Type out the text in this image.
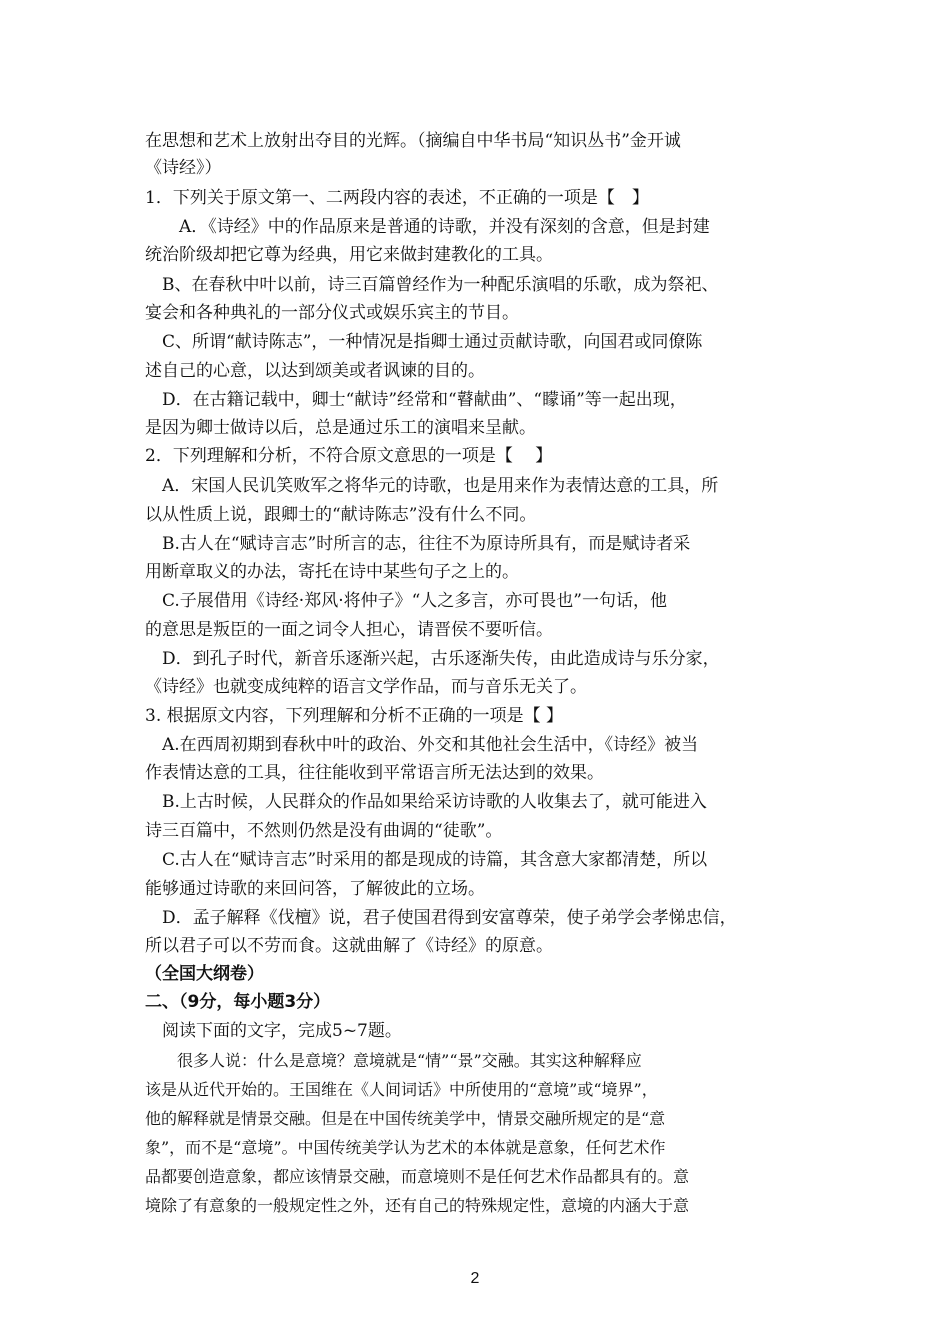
在思想和艺术上放射出夺目的光辉。（摘编自中华书局“知识丛书”金开诚
《诗经》）
1．下列关于原文第一、二两段内容的表述，不正确的一项是【　】
　　A．《诗经》中的作品原来是普通的诗歌，并没有深刻的含意，但是封建
统治阶级却把它尊为经典，用它来做封建教化的工具。
　B、在春秋中叶以前，诗三百篇曾经作为一种配乐演唱的乐歌，成为祭祀、
宴会和各种典礼的一部分仪式或娱乐宾主的节目。
　C、所谓“献诗陈志”，一种情况是指卿士通过贡献诗歌，向国君或同僚陈
述自己的心意，以达到颂美或者讽谏的目的。
　D．在古籍记载中，卿士“献诗”经常和“瞽献曲”、“矇诵”等一起出现，
是因为卿士做诗以后，总是通过乐工的演唱来呈献。
2．下列理解和分析，不符合原文意思的一项是【　 】
　A．宋国人民讥笑败军之将华元的诗歌，也是用来作为表情达意的工具，所
以从性质上说，跟卿士的“献诗陈志”没有什么不同。
　B.古人在“赋诗言志”时所言的志，往往不为原诗所具有，而是赋诗者采
用断章取义的办法，寄托在诗中某些句子之上的。
　C.子展借用《诗经·郑风·将仲子》“人之多言，亦可畏也”一句话，他
的意思是叛臣的一面之词令人担心，请晋侯不要听信。
　D．到孔子时代，新音乐逐渐兴起，古乐逐渐失传，由此造成诗与乐分家，
《诗经》也就变成纯粹的语言文学作品，而与音乐无关了。
3. 根据原文内容，下列理解和分析不正确的一项是【 】
　A.在西周初期到春秋中叶的政治、外交和其他社会生活中，《诗经》被当
作表情达意的工具，往往能收到平常语言所无法达到的效果。
　B.上古时候，人民群众的作品如果给采访诗歌的人收集去了，就可能进入
诗三百篇中，不然则仍然是没有曲调的“徒歌”。
　C.古人在“赋诗言志”时采用的都是现成的诗篇，其含意大家都清楚，所以
能够通过诗歌的来回问答，了解彼此的立场。
　D．孟子解释《伐檀》说，君子使国君得到安富尊荣，使子弟学会孝悌忠信，
所以君子可以不劳而食。这就曲解了《诗经》的原意。
（全国大纲卷）
二、（9分，每小题3分）
　阅读下面的文字，完成5~7题。
　　很多人说：什么是意境？意境就是“情”“景”交融。其实这种解释应
该是从近代开始的。王国维在《人间词话》中所使用的“意境”或“境界”，
他的解释就是情景交融。但是在中国传统美学中，情景交融所规定的是“意
象”，而不是“意境”。中国传统美学认为艺术的本体就是意象，任何艺术作
品都要创造意象，都应该情景交融，而意境则不是任何艺术作品都具有的。意
境除了有意象的一般规定性之外，还有自己的特殊规定性，意境的内涵大于意
2
